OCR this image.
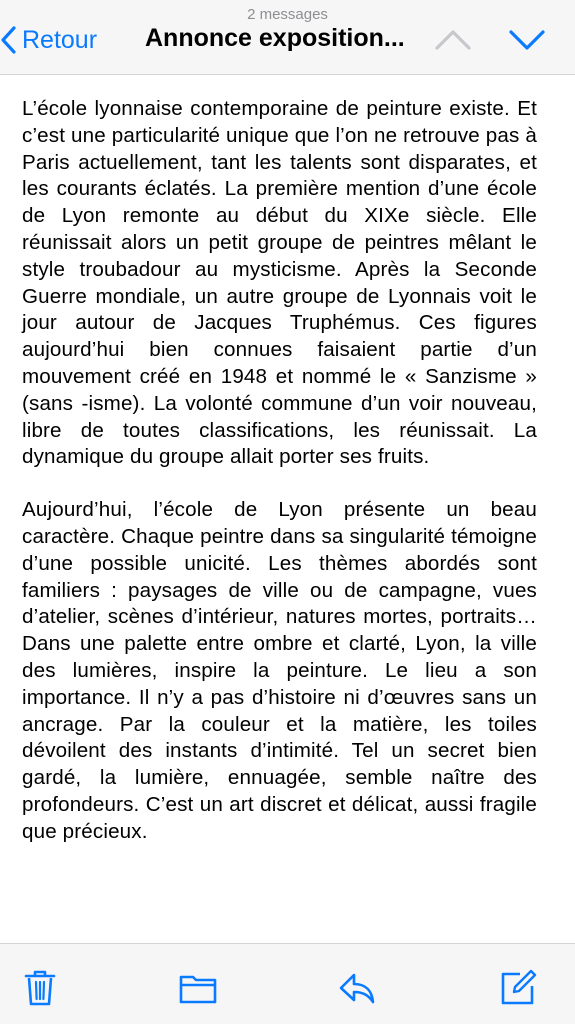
2 messages
Retour Annonce exposition...

L’école lyonnaise contemporaine de peinture existe. Et c’est une particularité unique que l’on ne retrouve pas à Paris actuellement, tant les talents sont disparates, et les courants éclatés. La première mention d’une école de Lyon remonte au début du XIXe siècle. Elle réunissait alors un petit groupe de peintres mêlant le style troubadour au mysticisme. Après la Seconde Guerre mondiale, un autre groupe de Lyonnais voit le jour autour de Jacques Truphémus. Ces figures aujourd’hui bien connues faisaient partie d’un mouvement créé en 1948 et nommé le « Sanzisme » (sans -isme). La volonté commune d’un voir nouveau, libre de toutes classifications, les réunissait. La dynamique du groupe allait porter ses fruits.

Aujourd’hui, l’école de Lyon présente un beau caractère. Chaque peintre dans sa singularité témoigne d’une possible unicité. Les thèmes abordés sont familiers : paysages de ville ou de campagne, vues d’atelier, scènes d’intérieur, natures mortes, portraits… Dans une palette entre ombre et clarté, Lyon, la ville des lumières, inspire la peinture. Le lieu a son importance. Il n’y a pas d’histoire ni d’œuvres sans un ancrage. Par la couleur et la matière, les toiles dévoilent des instants d’intimité. Tel un secret bien gardé, la lumière, ennuagée, semble naître des profondeurs. C’est un art discret et délicat, aussi fragile que précieux.
